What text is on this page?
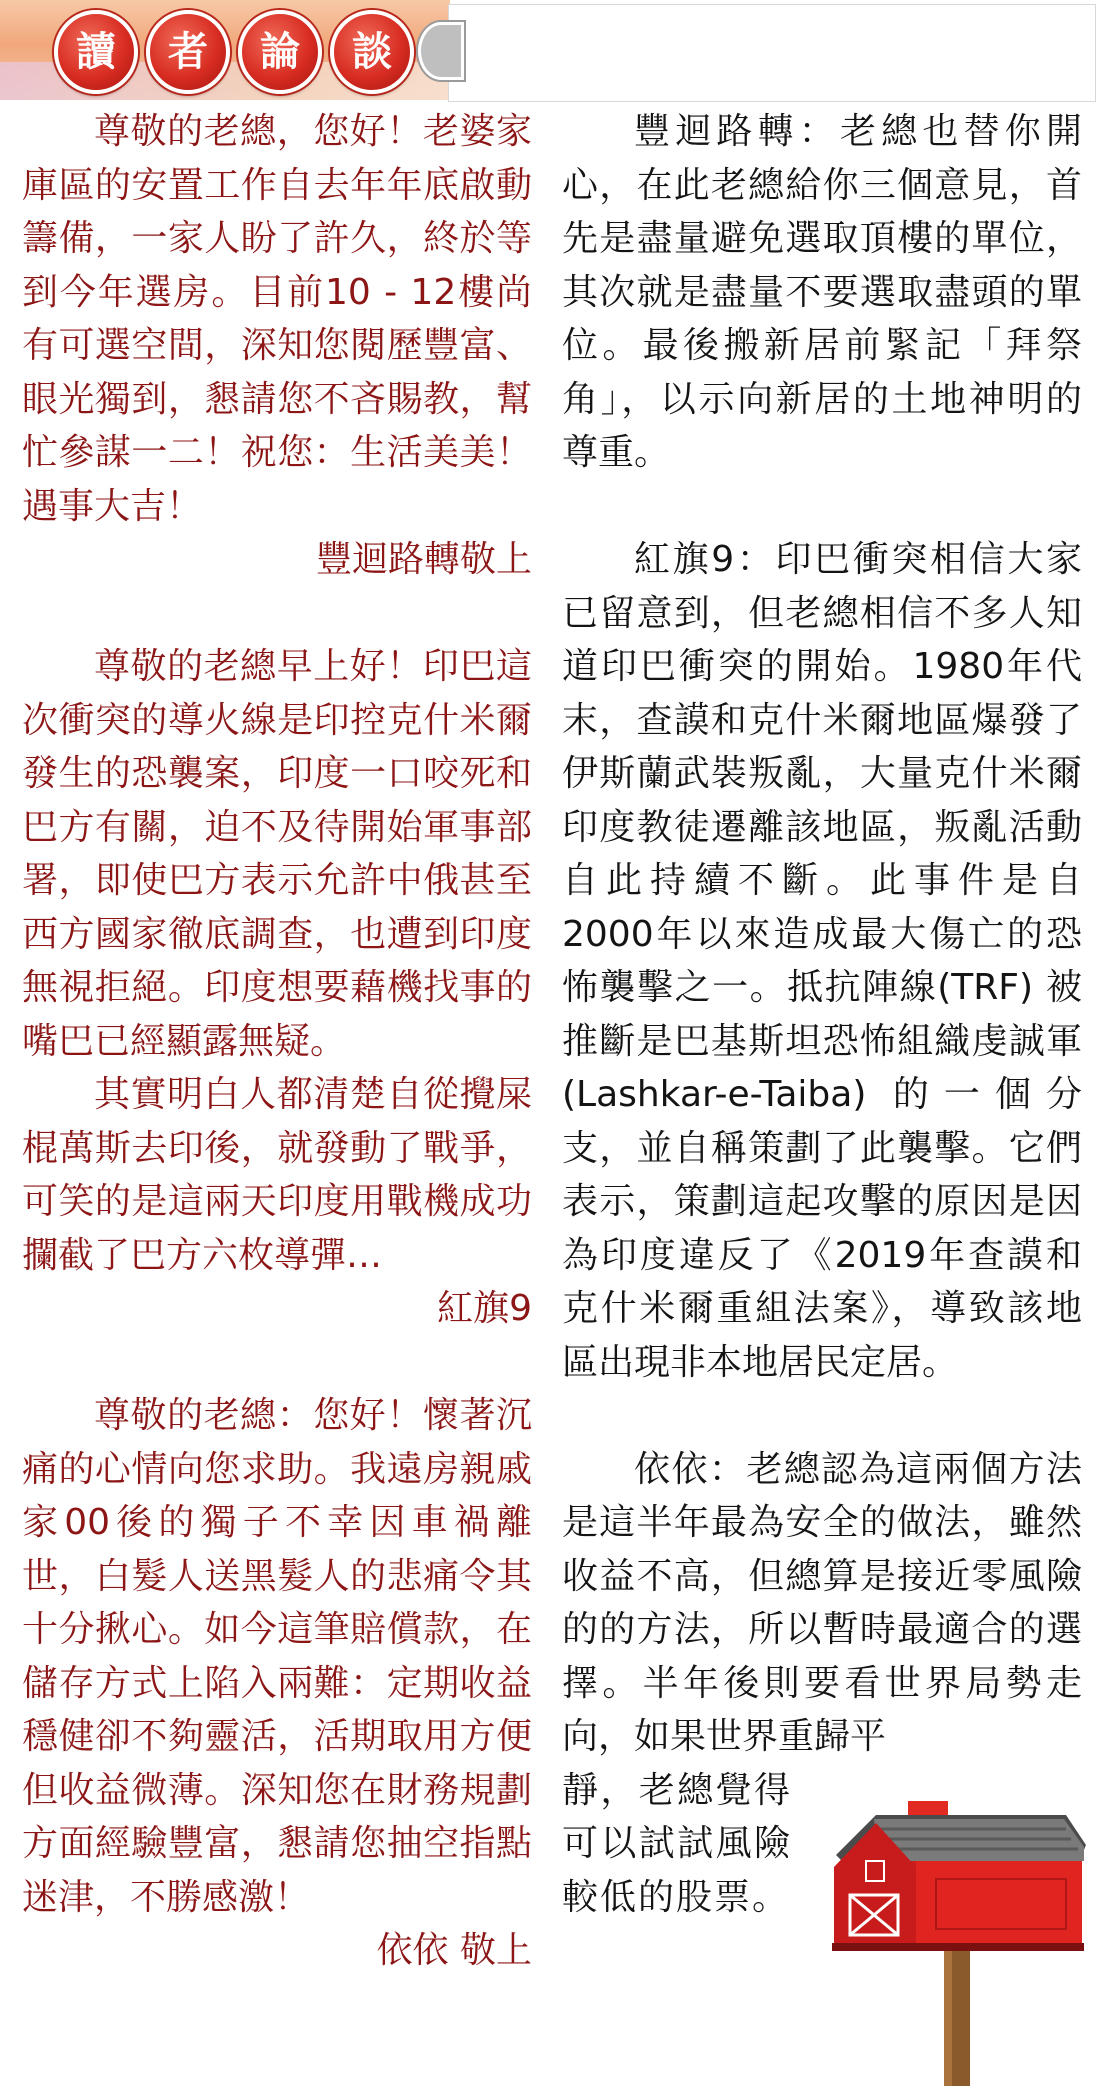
讀	者	論	談

尊敬的老總，您好！老婆家庫區的安置工作自去年年底啟動籌備，一家人盼了許久，終於等到今年選房。目前10 - 12樓尚有可選空間，深知您閱歷豐富、眼光獨到，懇請您不吝賜教，幫忙參謀一二！祝您：生活美美！遇事大吉！

豐迴路轉敬上

尊敬的老總早上好！印巴這次衝突的導火線是印控克什米爾發生的恐襲案，印度一口咬死和巴方有關，迫不及待開始軍事部署，即使巴方表示允許中俄甚至西方國家徹底調查，也遭到印度無視拒絕。印度想要藉機找事的嘴巴已經顯露無疑。

其實明白人都清楚自從攪屎棍萬斯去印後，就發動了戰爭，可笑的是這兩天印度用戰機成功攔截了巴方六枚導彈…

紅旗9

尊敬的老總：您好！懷著沉痛的心情向您求助。我遠房親戚家00後的獨子不幸因車禍離世，白髮人送黑髮人的悲痛令其十分揪心。如今這筆賠償款，在儲存方式上陷入兩難：定期收益穩健卻不夠靈活，活期取用方便但收益微薄。深知您在財務規劃方面經驗豐富，懇請您抽空指點迷津，不勝感激！

依依 敬上

豐迴路轉：老總也替你開心，在此老總給你三個意見，首先是盡量避免選取頂樓的單位，其次就是盡量不要選取盡頭的單位。最後搬新居前緊記「拜祭角」，以示向新居的土地神明的尊重。

紅旗9：印巴衝突相信大家已留意到，但老總相信不多人知道印巴衝突的開始。1980年代末，查謨和克什米爾地區爆發了伊斯蘭武裝叛亂，大量克什米爾印度教徒遷離該地區，叛亂活動自此持續不斷。此事件是自2000年以來造成最大傷亡的恐怖襲擊之一。抵抗陣線(TRF) 被推斷是巴基斯坦恐怖組織虔誠軍 (Lashkar-e-Taiba) 的一個分支，並自稱策劃了此襲擊。它們表示，策劃這起攻擊的原因是因為印度違反了《2019年查謨和克什米爾重組法案》，導致該地區出現非本地居民定居。

依依：老總認為這兩個方法是這半年最為安全的做法，雖然收益不高，但總算是接近零風險的的方法，所以暫時最適合的選擇。半年後則要看世界局勢走向，如果世界重歸平

靜，老總覺得可以試試風險較低的股票。
